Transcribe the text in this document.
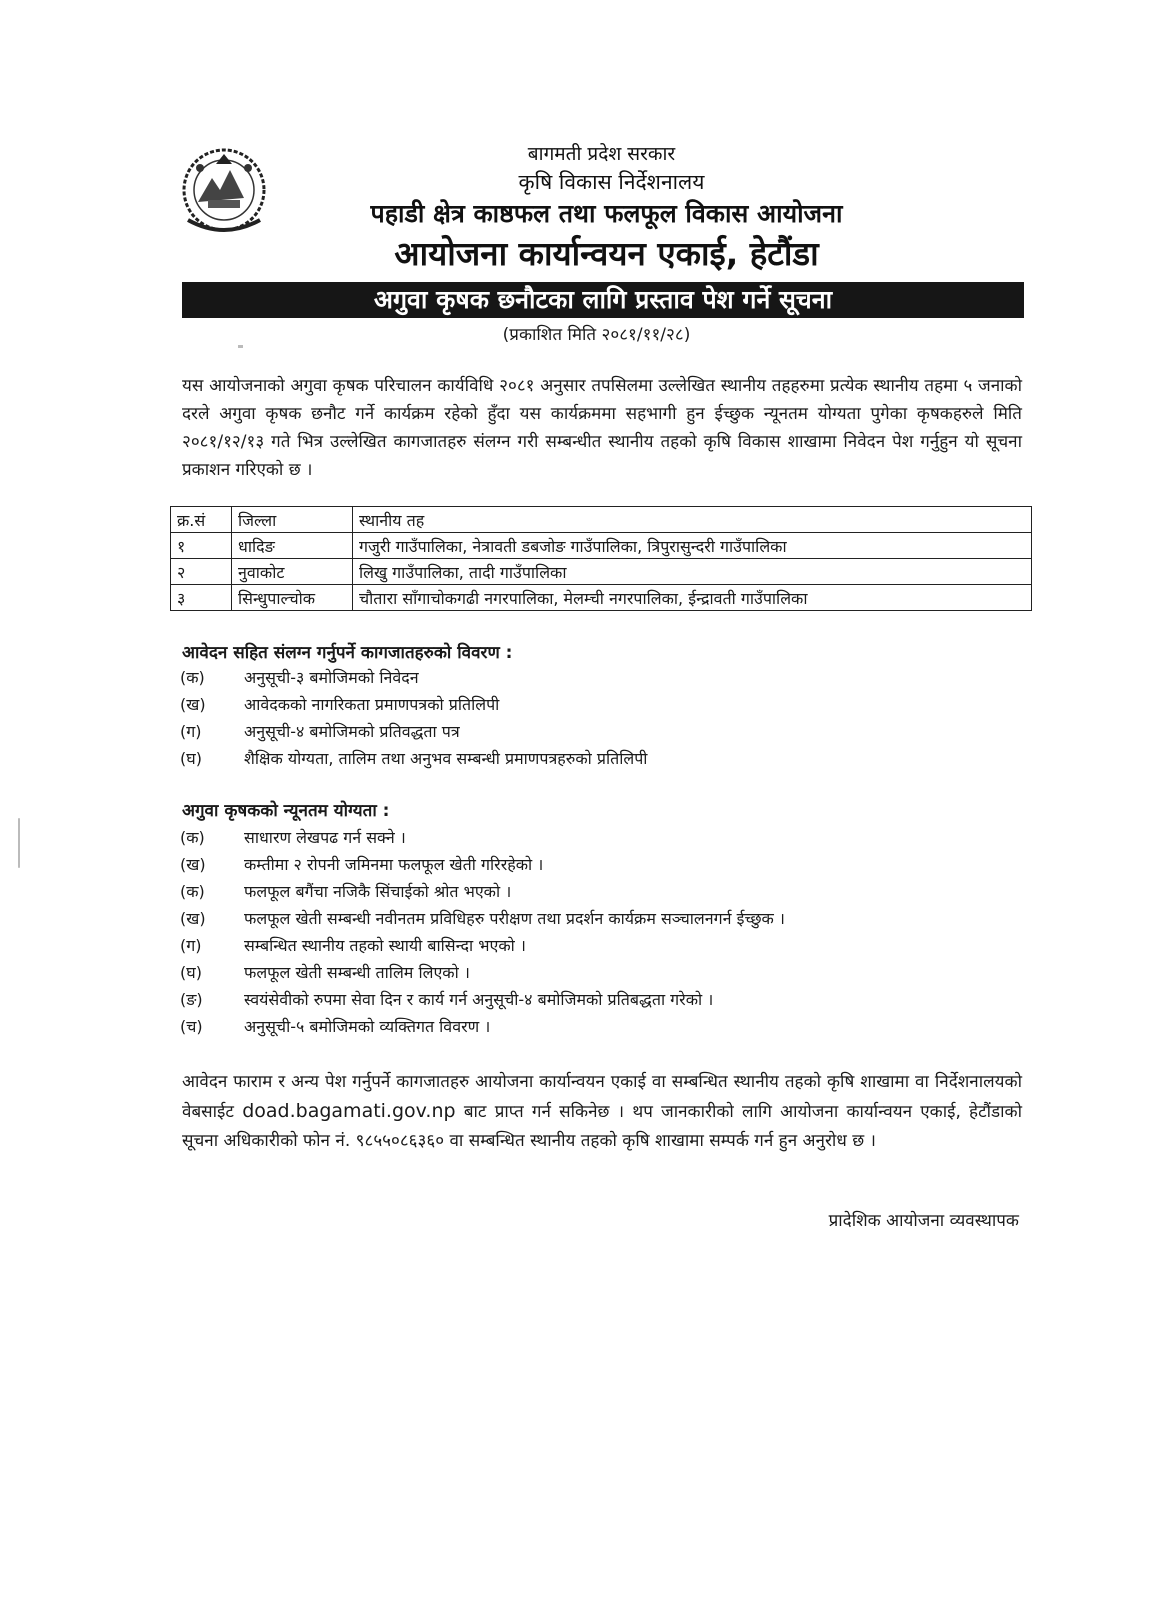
बागमती प्रदेश सरकार
कृषि विकास निर्देशनालय
पहाडी क्षेत्र काष्ठफल तथा फलफूल विकास आयोजना
आयोजना कार्यान्वयन एकाई, हेटौंडा
अगुवा कृषक छनौटका लागि प्रस्ताव पेश गर्ने सूचना
(प्रकाशित मिति २०८१/११/२८)
यस आयोजनाको अगुवा कृषक परिचालन कार्यविधि २०८१ अनुसार तपसिलमा उल्लेखित स्थानीय तहहरुमा प्रत्येक स्थानीय तहमा ५ जनाको दरले अगुवा कृषक छनौट गर्ने कार्यक्रम रहेको हुँदा यस कार्यक्रममा सहभागी हुन ईच्छुक न्यूनतम योग्यता पुगेका कृषकहरुले मिति २०८१/१२/१३ गते भित्र उल्लेखित कागजातहरु संलग्न गरी सम्बन्धीत स्थानीय तहको कृषि विकास शाखामा निवेदन पेश गर्नुहुन यो सूचना प्रकाशन गरिएको छ ।
क्र.सं	जिल्ला	स्थानीय तह
१	धादिङ	गजुरी गाउँपालिका, नेत्रावती डबजोङ गाउँपालिका, त्रिपुरासुन्दरी गाउँपालिका
२	नुवाकोट	लिखु गाउँपालिका, तादी गाउँपालिका
३	सिन्धुपाल्चोक	चौतारा साँगाचोकगढी नगरपालिका, मेलम्ची नगरपालिका, ईन्द्रावती गाउँपालिका
आवेदन सहित संलग्न गर्नुपर्ने कागजातहरुको विवरण :
(क) अनुसूची-३ बमोजिमको निवेदन
(ख) आवेदकको नागरिकता प्रमाणपत्रको प्रतिलिपी
(ग)	अनुसूची-४ बमोजिमको प्रतिवद्धता पत्र
(घ)	शैक्षिक योग्यता, तालिम तथा अनुभव सम्बन्धी प्रमाणपत्रहरुको प्रतिलिपी
अगुवा कृषकको न्यूनतम योग्यता :
(क) साधारण लेखपढ गर्न सक्ने ।
(ख) कम्तीमा २ रोपनी जमिनमा फलफूल खेती गरिरहेको ।
(क) फलफूल बगैंचा नजिकै सिंचाईको श्रोत भएको ।
(ख) फलफूल खेती सम्बन्धी नवीनतम प्रविधिहरु परीक्षण तथा प्रदर्शन कार्यक्रम सञ्चालनगर्न ईच्छुक ।
(ग)	सम्बन्धित स्थानीय तहको स्थायी बासिन्दा भएको ।
(घ)	फलफूल खेती सम्बन्धी तालिम लिएको ।
(ङ)	स्वयंसेवीको रुपमा सेवा दिन र कार्य गर्न अनुसूची-४ बमोजिमको प्रतिबद्धता गरेको ।
(च)	अनुसूची-५ बमोजिमको व्यक्तिगत विवरण ।
आवेदन फाराम र अन्य पेश गर्नुपर्ने कागजातहरु आयोजना कार्यान्वयन एकाई वा सम्बन्धित स्थानीय तहको कृषि शाखामा वा निर्देशनालयको वेबसाईट doad.bagamati.gov.np बाट प्राप्त गर्न सकिनेछ । थप जानकारीको लागि आयोजना कार्यान्वयन एकाई, हेटौंडाको सूचना अधिकारीको फोन नं. ९८५५०८६३६० वा सम्बन्धित स्थानीय तहको कृषि शाखामा सम्पर्क गर्न हुन अनुरोध छ ।
प्रादेशिक आयोजना व्यवस्थापक
